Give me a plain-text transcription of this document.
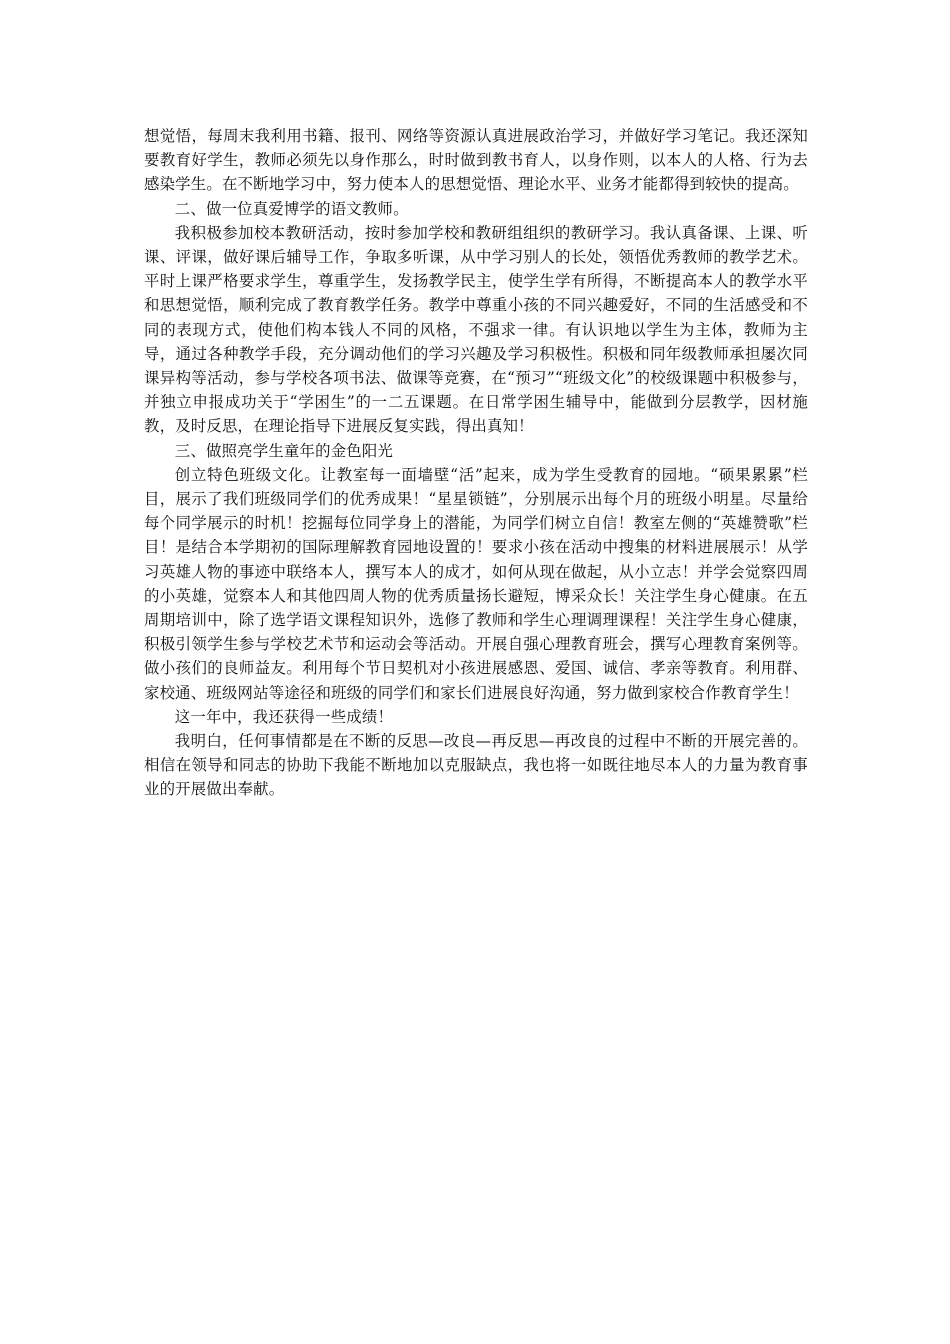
想觉悟，每周末我利用书籍、报刊、网络等资源认真进展政治学习，并做好学习笔记。我还深知要教育好学生，教师必须先以身作那么，时时做到教书育人，以身作则，以本人的人格、行为去感染学生。在不断地学习中，努力使本人的思想觉悟、理论水平、业务才能都得到较快的提高。

二、做一位真爱博学的语文教师。

我积极参加校本教研活动，按时参加学校和教研组组织的教研学习。我认真备课、上课、听课、评课，做好课后辅导工作，争取多听课，从中学习别人的长处，领悟优秀教师的教学艺术。平时上课严格要求学生，尊重学生，发扬教学民主，使学生学有所得，不断提高本人的教学水平和思想觉悟，顺利完成了教育教学任务。教学中尊重小孩的不同兴趣爱好，不同的生活感受和不同的表现方式，使他们构本钱人不同的风格，不强求一律。有认识地以学生为主体，教师为主导，通过各种教学手段，充分调动他们的学习兴趣及学习积极性。积极和同年级教师承担屡次同课异构等活动，参与学校各项书法、做课等竞赛，在“预习”“班级文化”的校级课题中积极参与，并独立申报成功关于“学困生”的一二五课题。在日常学困生辅导中，能做到分层教学，因材施教，及时反思，在理论指导下进展反复实践，得出真知！

三、做照亮学生童年的金色阳光

创立特色班级文化。让教室每一面墙壁“活”起来，成为学生受教育的园地。“硕果累累”栏目，展示了我们班级同学们的优秀成果！“星星锁链”，分别展示出每个月的班级小明星。尽量给每个同学展示的时机！挖掘每位同学身上的潜能，为同学们树立自信！教室左侧的“英雄赞歌”栏目！是结合本学期初的国际理解教育园地设置的！要求小孩在活动中搜集的材料进展展示！从学习英雄人物的事迹中联络本人，撰写本人的成才，如何从现在做起，从小立志！并学会觉察四周的小英雄，觉察本人和其他四周人物的优秀质量扬长避短，博采众长！关注学生身心健康。在五周期培训中，除了选学语文课程知识外，选修了教师和学生心理调理课程！关注学生身心健康，积极引领学生参与学校艺术节和运动会等活动。开展自强心理教育班会，撰写心理教育案例等。做小孩们的良师益友。利用每个节日契机对小孩进展感恩、爱国、诚信、孝亲等教育。利用群、家校通、班级网站等途径和班级的同学们和家长们进展良好沟通，努力做到家校合作教育学生！

这一年中，我还获得一些成绩！

我明白，任何事情都是在不断的反思—改良—再反思—再改良的过程中不断的开展完善的。相信在领导和同志的协助下我能不断地加以克服缺点，我也将一如既往地尽本人的力量为教育事业的开展做出奉献。
